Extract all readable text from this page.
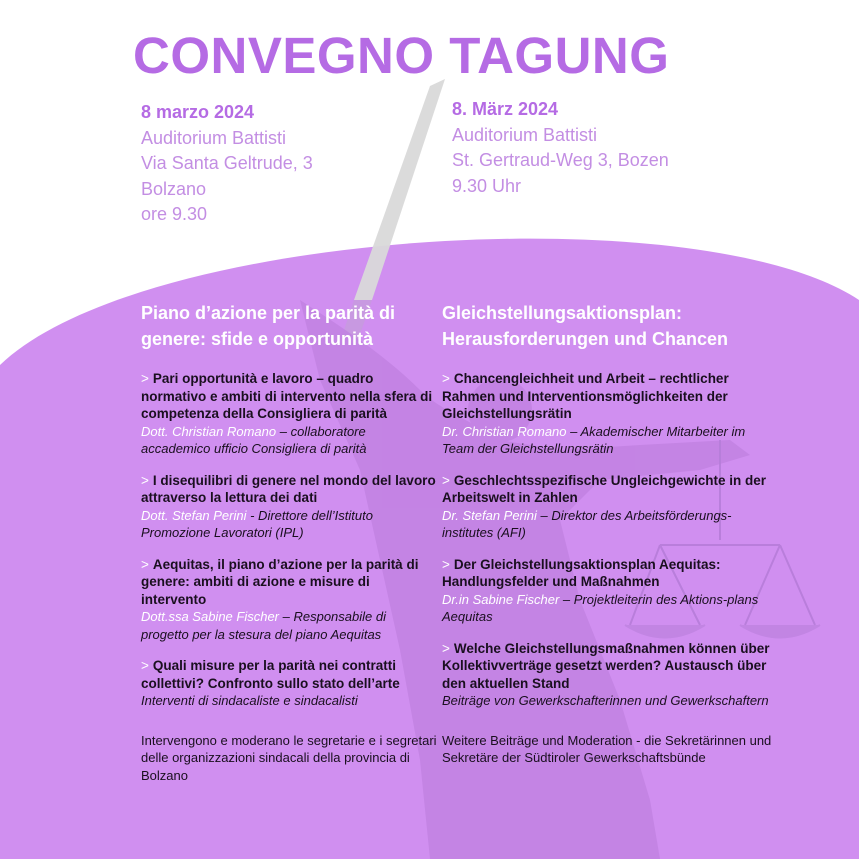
CONVEGNO TAGUNG
8 marzo 2024
Auditorium Battisti
Via Santa Geltrude, 3
Bolzano
ore 9.30
8. März 2024
Auditorium Battisti
St. Gertraud-Weg 3, Bozen
9.30 Uhr
Piano d’azione per la parità di genere: sfide e opportunità
> Pari opportunità e lavoro – quadro normativo e ambiti di intervento nella sfera di competenza della Consigliera di parità
Dott. Christian Romano – collaboratore accademico ufficio Consigliera di parità
> I disequilibri di genere nel mondo del lavoro attraverso la lettura dei dati
Dott. Stefan Perini - Direttore dell’Istituto Promozione Lavoratori (IPL)
> Aequitas, il piano d’azione per la parità di genere: ambiti di azione e misure di intervento
Dott.ssa Sabine Fischer – Responsabile di progetto per la stesura del piano Aequitas
> Quali misure per la parità nei contratti collettivi? Confronto sullo stato dell’arte
Interventi di sindacaliste e sindacalisti
Intervengono e moderano le segretarie e i segretari delle organizzazioni sindacali della provincia di Bolzano
Gleichstellungsaktionsplan: Herausforderungen und Chancen
> Chancengleichheit und Arbeit – rechtlicher Rahmen und Interventionsmöglichkeiten der Gleichstellungsrätin
Dr. Christian Romano – Akademischer Mitarbeiter im Team der Gleichstellungsrätin
> Geschlechtsspezifische Ungleichgewichte in der Arbeitswelt in Zahlen
Dr. Stefan Perini – Direktor des Arbeitsförderungs-institutes (AFI)
> Der Gleichstellungsaktionsplan Aequitas: Handlungsfelder und Maßnahmen
Dr.in Sabine Fischer – Projektleiterin des Aktions-plans Aequitas
> Welche Gleichstellungsmaßnahmen können über Kollektivverträge gesetzt werden? Austausch über den aktuellen Stand
Beiträge von Gewerkschafterinnen und Gewerkschaftern
Weitere Beiträge und Moderation - die Sekretärinnen und Sekretäre der Südtiroler Gewerkschaftsbünde
